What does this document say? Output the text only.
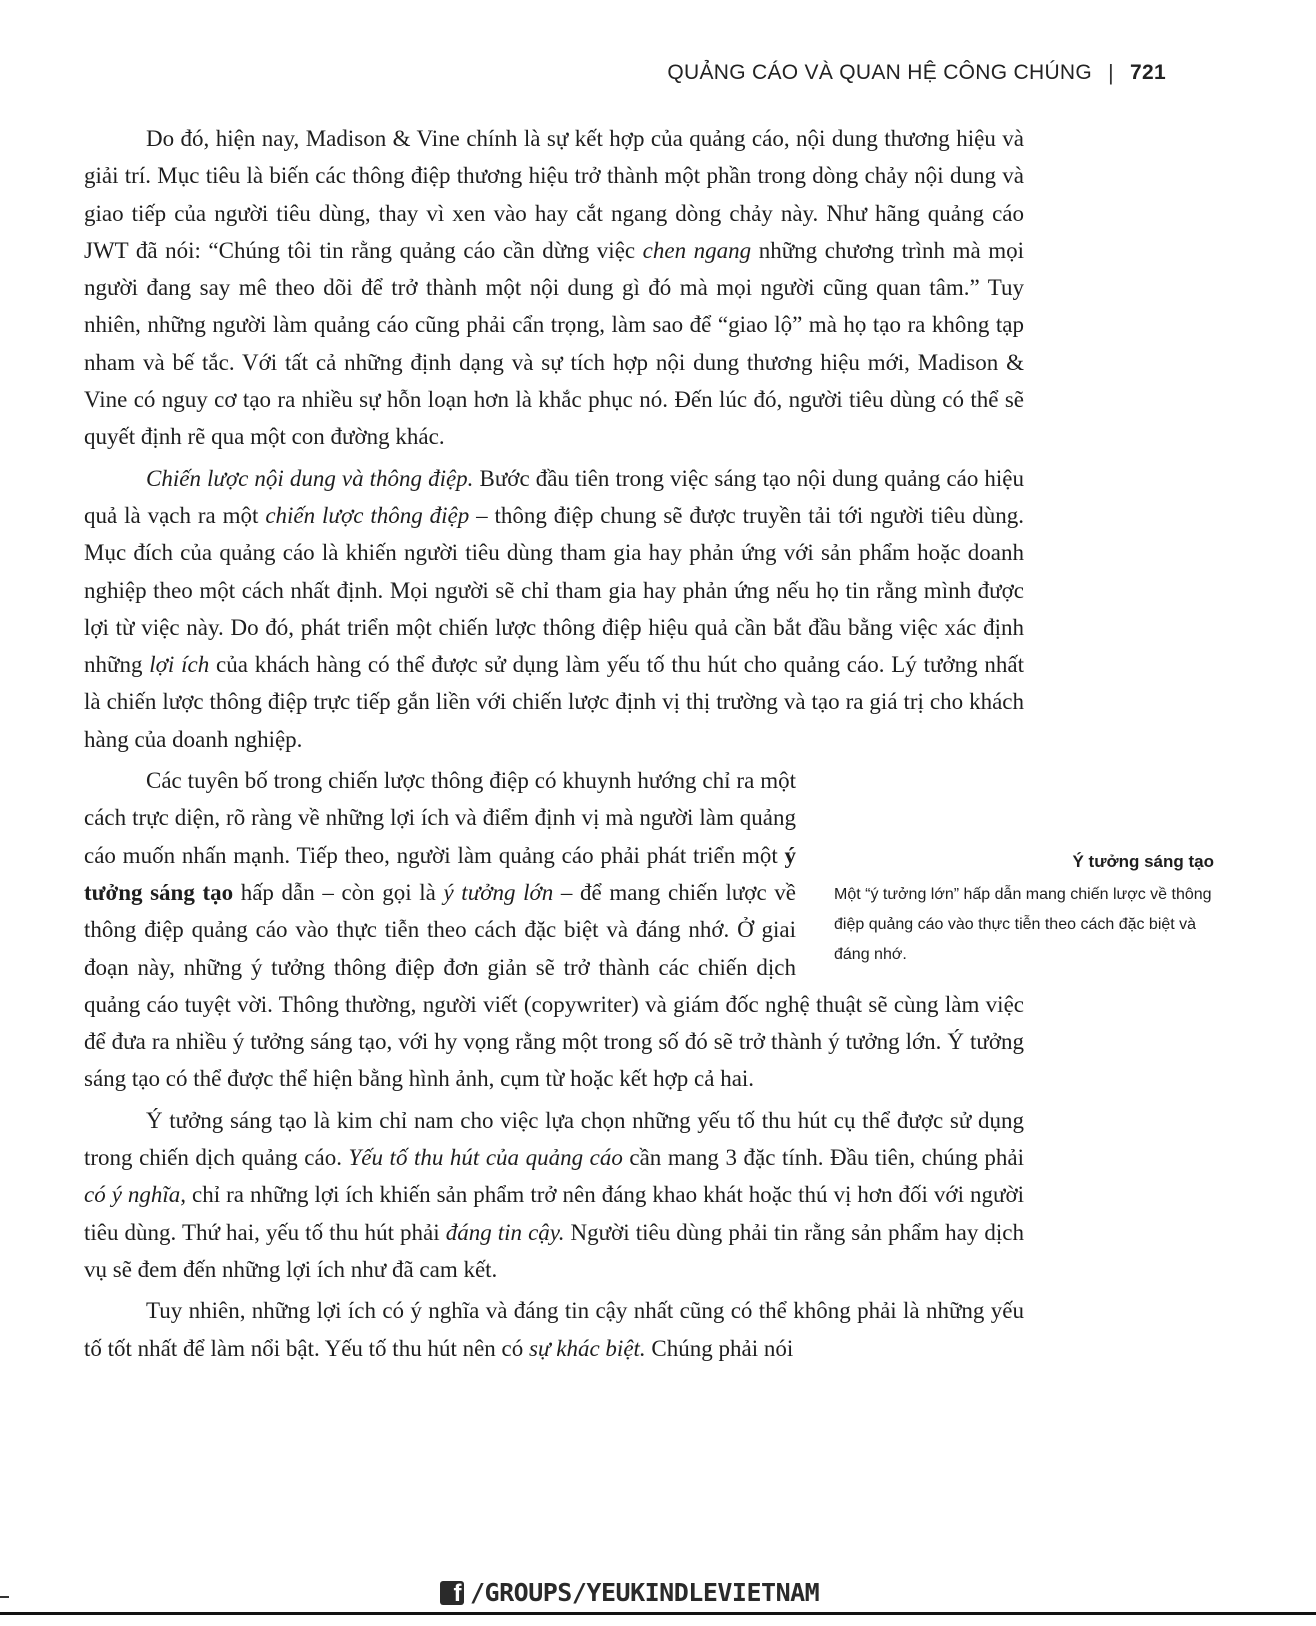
QUẢNG CÁO VÀ QUAN HỆ CÔNG CHÚNG | 721

Do đó, hiện nay, Madison & Vine chính là sự kết hợp của quảng cáo, nội dung thương hiệu và giải trí. Mục tiêu là biến các thông điệp thương hiệu trở thành một phần trong dòng chảy nội dung và giao tiếp của người tiêu dùng, thay vì xen vào hay cắt ngang dòng chảy này. Như hãng quảng cáo JWT đã nói: “Chúng tôi tin rằng quảng cáo cần dừng việc chen ngang những chương trình mà mọi người đang say mê theo dõi để trở thành một nội dung gì đó mà mọi người cũng quan tâm.” Tuy nhiên, những người làm quảng cáo cũng phải cẩn trọng, làm sao để “giao lộ” mà họ tạo ra không tạp nham và bế tắc. Với tất cả những định dạng và sự tích hợp nội dung thương hiệu mới, Madison & Vine có nguy cơ tạo ra nhiều sự hỗn loạn hơn là khắc phục nó. Đến lúc đó, người tiêu dùng có thể sẽ quyết định rẽ qua một con đường khác.

Chiến lược nội dung và thông điệp. Bước đầu tiên trong việc sáng tạo nội dung quảng cáo hiệu quả là vạch ra một chiến lược thông điệp – thông điệp chung sẽ được truyền tải tới người tiêu dùng. Mục đích của quảng cáo là khiến người tiêu dùng tham gia hay phản ứng với sản phẩm hoặc doanh nghiệp theo một cách nhất định. Mọi người sẽ chỉ tham gia hay phản ứng nếu họ tin rằng mình được lợi từ việc này. Do đó, phát triển một chiến lược thông điệp hiệu quả cần bắt đầu bằng việc xác định những lợi ích của khách hàng có thể được sử dụng làm yếu tố thu hút cho quảng cáo. Lý tưởng nhất là chiến lược thông điệp trực tiếp gắn liền với chiến lược định vị thị trường và tạo ra giá trị cho khách hàng của doanh nghiệp.

Các tuyên bố trong chiến lược thông điệp có khuynh hướng chỉ ra một cách trực diện, rõ ràng về những lợi ích và điểm định vị mà người làm quảng cáo muốn nhấn mạnh. Tiếp theo, người làm quảng cáo phải phát triển một ý tưởng sáng tạo hấp dẫn – còn gọi là ý tưởng lớn – để mang chiến lược về thông điệp quảng cáo vào thực tiễn theo cách đặc biệt và đáng nhớ. Ở giai đoạn này, những ý tưởng thông điệp đơn giản sẽ trở thành các chiến dịch quảng cáo tuyệt vời. Thông thường, người viết (copywriter) và giám đốc nghệ thuật sẽ cùng làm việc để đưa ra nhiều ý tưởng sáng tạo, với hy vọng rằng một trong số đó sẽ trở thành ý tưởng lớn. Ý tưởng sáng tạo có thể được thể hiện bằng hình ảnh, cụm từ hoặc kết hợp cả hai.

Ý tưởng sáng tạo là kim chỉ nam cho việc lựa chọn những yếu tố thu hút cụ thể được sử dụng trong chiến dịch quảng cáo. Yếu tố thu hút của quảng cáo cần mang 3 đặc tính. Đầu tiên, chúng phải có ý nghĩa, chỉ ra những lợi ích khiến sản phẩm trở nên đáng khao khát hoặc thú vị hơn đối với người tiêu dùng. Thứ hai, yếu tố thu hút phải đáng tin cậy. Người tiêu dùng phải tin rằng sản phẩm hay dịch vụ sẽ đem đến những lợi ích như đã cam kết.

Tuy nhiên, những lợi ích có ý nghĩa và đáng tin cậy nhất cũng có thể không phải là những yếu tố tốt nhất để làm nổi bật. Yếu tố thu hút nên có sự khác biệt. Chúng phải nói

Ý tưởng sáng tạo
Một “ý tưởng lớn” hấp dẫn mang chiến lược về thông điệp quảng cáo vào thực tiễn theo cách đặc biệt và đáng nhớ.
f /GROUPS/YEUKINDLEVIETNAM
